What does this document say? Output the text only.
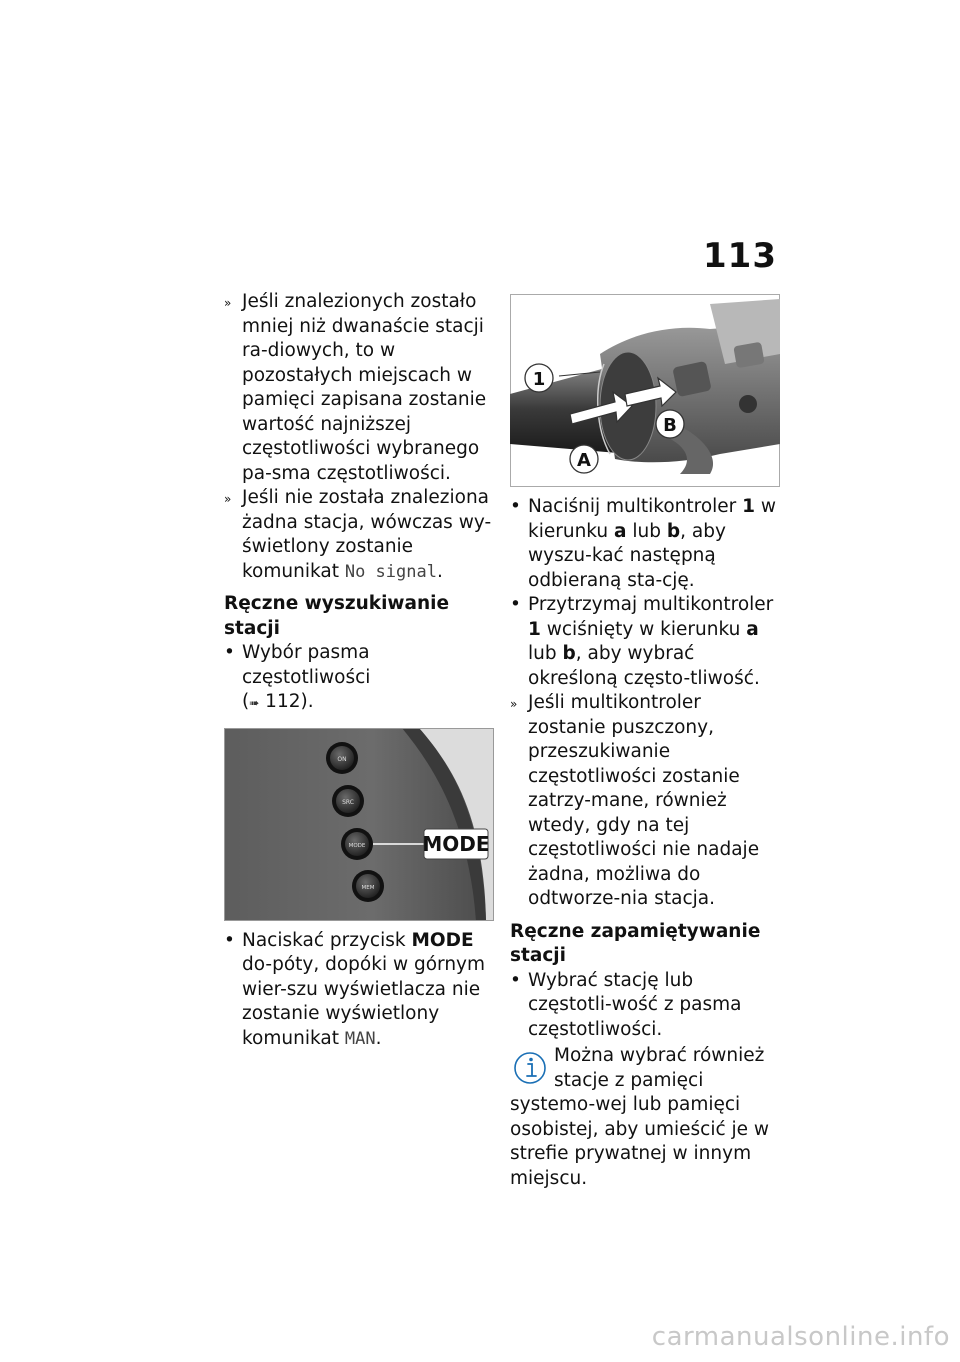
113
» Jeśli znalezionych zostało mniej niż dwanaście stacji ra-diowych, to w pozostałych miejscach w pamięci zapisana zostanie wartość najniższej częstotliwości wybranego pa-sma częstotliwości.
» Jeśli nie została znaleziona żadna stacja, wówczas wy-świetlony zostanie komunikat No signal.
Ręczne wyszukiwanie stacji
• Wybór pasma częstotliwości
(➠ 112).
ON
SRC
MODE
MEM
MODE
• Naciskać przycisk MODE do-póty, dopóki w górnym wier-szu wyświetlacza nie zostanie wyświetlony komunikat MAN.
1
A
B
• Naciśnij multikontroler 1 w kierunku a lub b, aby wyszu-kać następną odbieraną sta-cję.
• Przytrzymaj multikontroler 1 wciśnięty w kierunku a lub b, aby wybrać określoną często-tliwość.
» Jeśli multikontroler zostanie puszczony, przeszukiwanie częstotliwości zostanie zatrzy-mane, również wtedy, gdy na tej częstotliwości nie nadaje żadna, możliwa do odtworze-nia stacja.
Ręczne zapamiętywanie stacji
• Wybrać stację lub częstotli-wość z pasma częstotliwości.
Można wybrać również stacje z pamięci systemo-wej lub pamięci osobistej, aby umieścić je w strefie prywatnej w innym miejscu.
carmanualsonline.info
